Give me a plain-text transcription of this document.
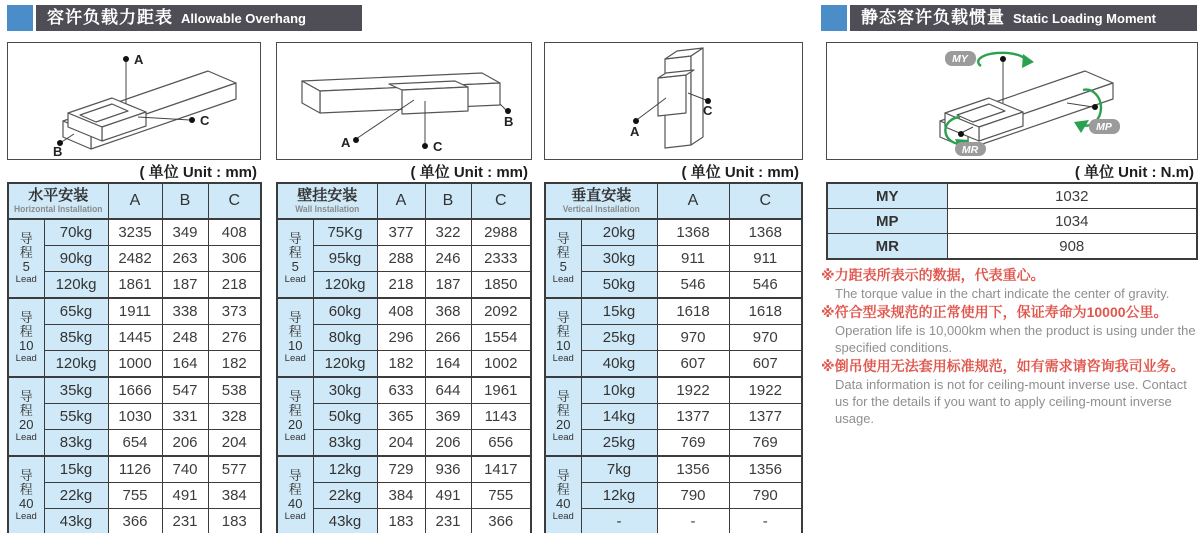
容许负载力距表 Allowable Overhang	静态容许负载惯量 Static Loading Moment
A
B
C
A
B
C
A
C
MY
MP
MR
( 单位 Unit : mm)	( 单位 Unit : mm)	( 单位 Unit : mm)	( 单位 Unit : N.m)
水平安装
Horizontal Installation		A	B	C

导程
5
Lead	70kg	3235	349	408
	90kg	2482	263	306
	120kg	1861	187	218

导程
10
Lead	65kg	1911	338	373
	85kg	1445	248	276
	120kg	1000	164	182

导程
20
Lead	35kg	1666	547	538
	55kg	1030	331	328
	83kg	654	206	204

导程
40
Lead	15kg	1126	740	577
	22kg	755	491	384
	43kg	366	231	183
壁挂安装
Wall Installation		A	B	C

导程
5
Lead	75Kg	377	322	2988
	95kg	288	246	2333
	120kg	218	187	1850

导程
10
Lead	60kg	408	368	2092
	80kg	296	266	1554
	120kg	182	164	1002

导程
20
Lead	30kg	633	644	1961
	50kg	365	369	1143
	83kg	204	206	656

导程
40
Lead	12kg	729	936	1417
	22kg	384	491	755
	43kg	183	231	366
垂直安装
Vertical Installation		A	C

导程
5
Lead	20kg	1368	1368
	30kg	911	911
	50kg	546	546

导程
10
Lead	15kg	1618	1618
	25kg	970	970
	40kg	607	607

导程
20
Lead	10kg	1922	1922
	14kg	1377	1377
	25kg	769	769

导程
40
Lead	7kg	1356	1356
	12kg	790	790
	-	-	-
MY	1032
MP	1034
MR	908
※力距表所表示的数据，代表重心。
The torque value in the chart indicate the center of gravity.
※符合型录规范的正常使用下，保证寿命为10000公里。
Operation life is 10,000km when the product is using under the specified conditions.
※倒吊使用无法套用标准规范，如有需求请咨询我司业务。
Data information is not for ceiling-mount inverse use. Contact us for the details if you want to apply ceiling-mount inverse usage.
